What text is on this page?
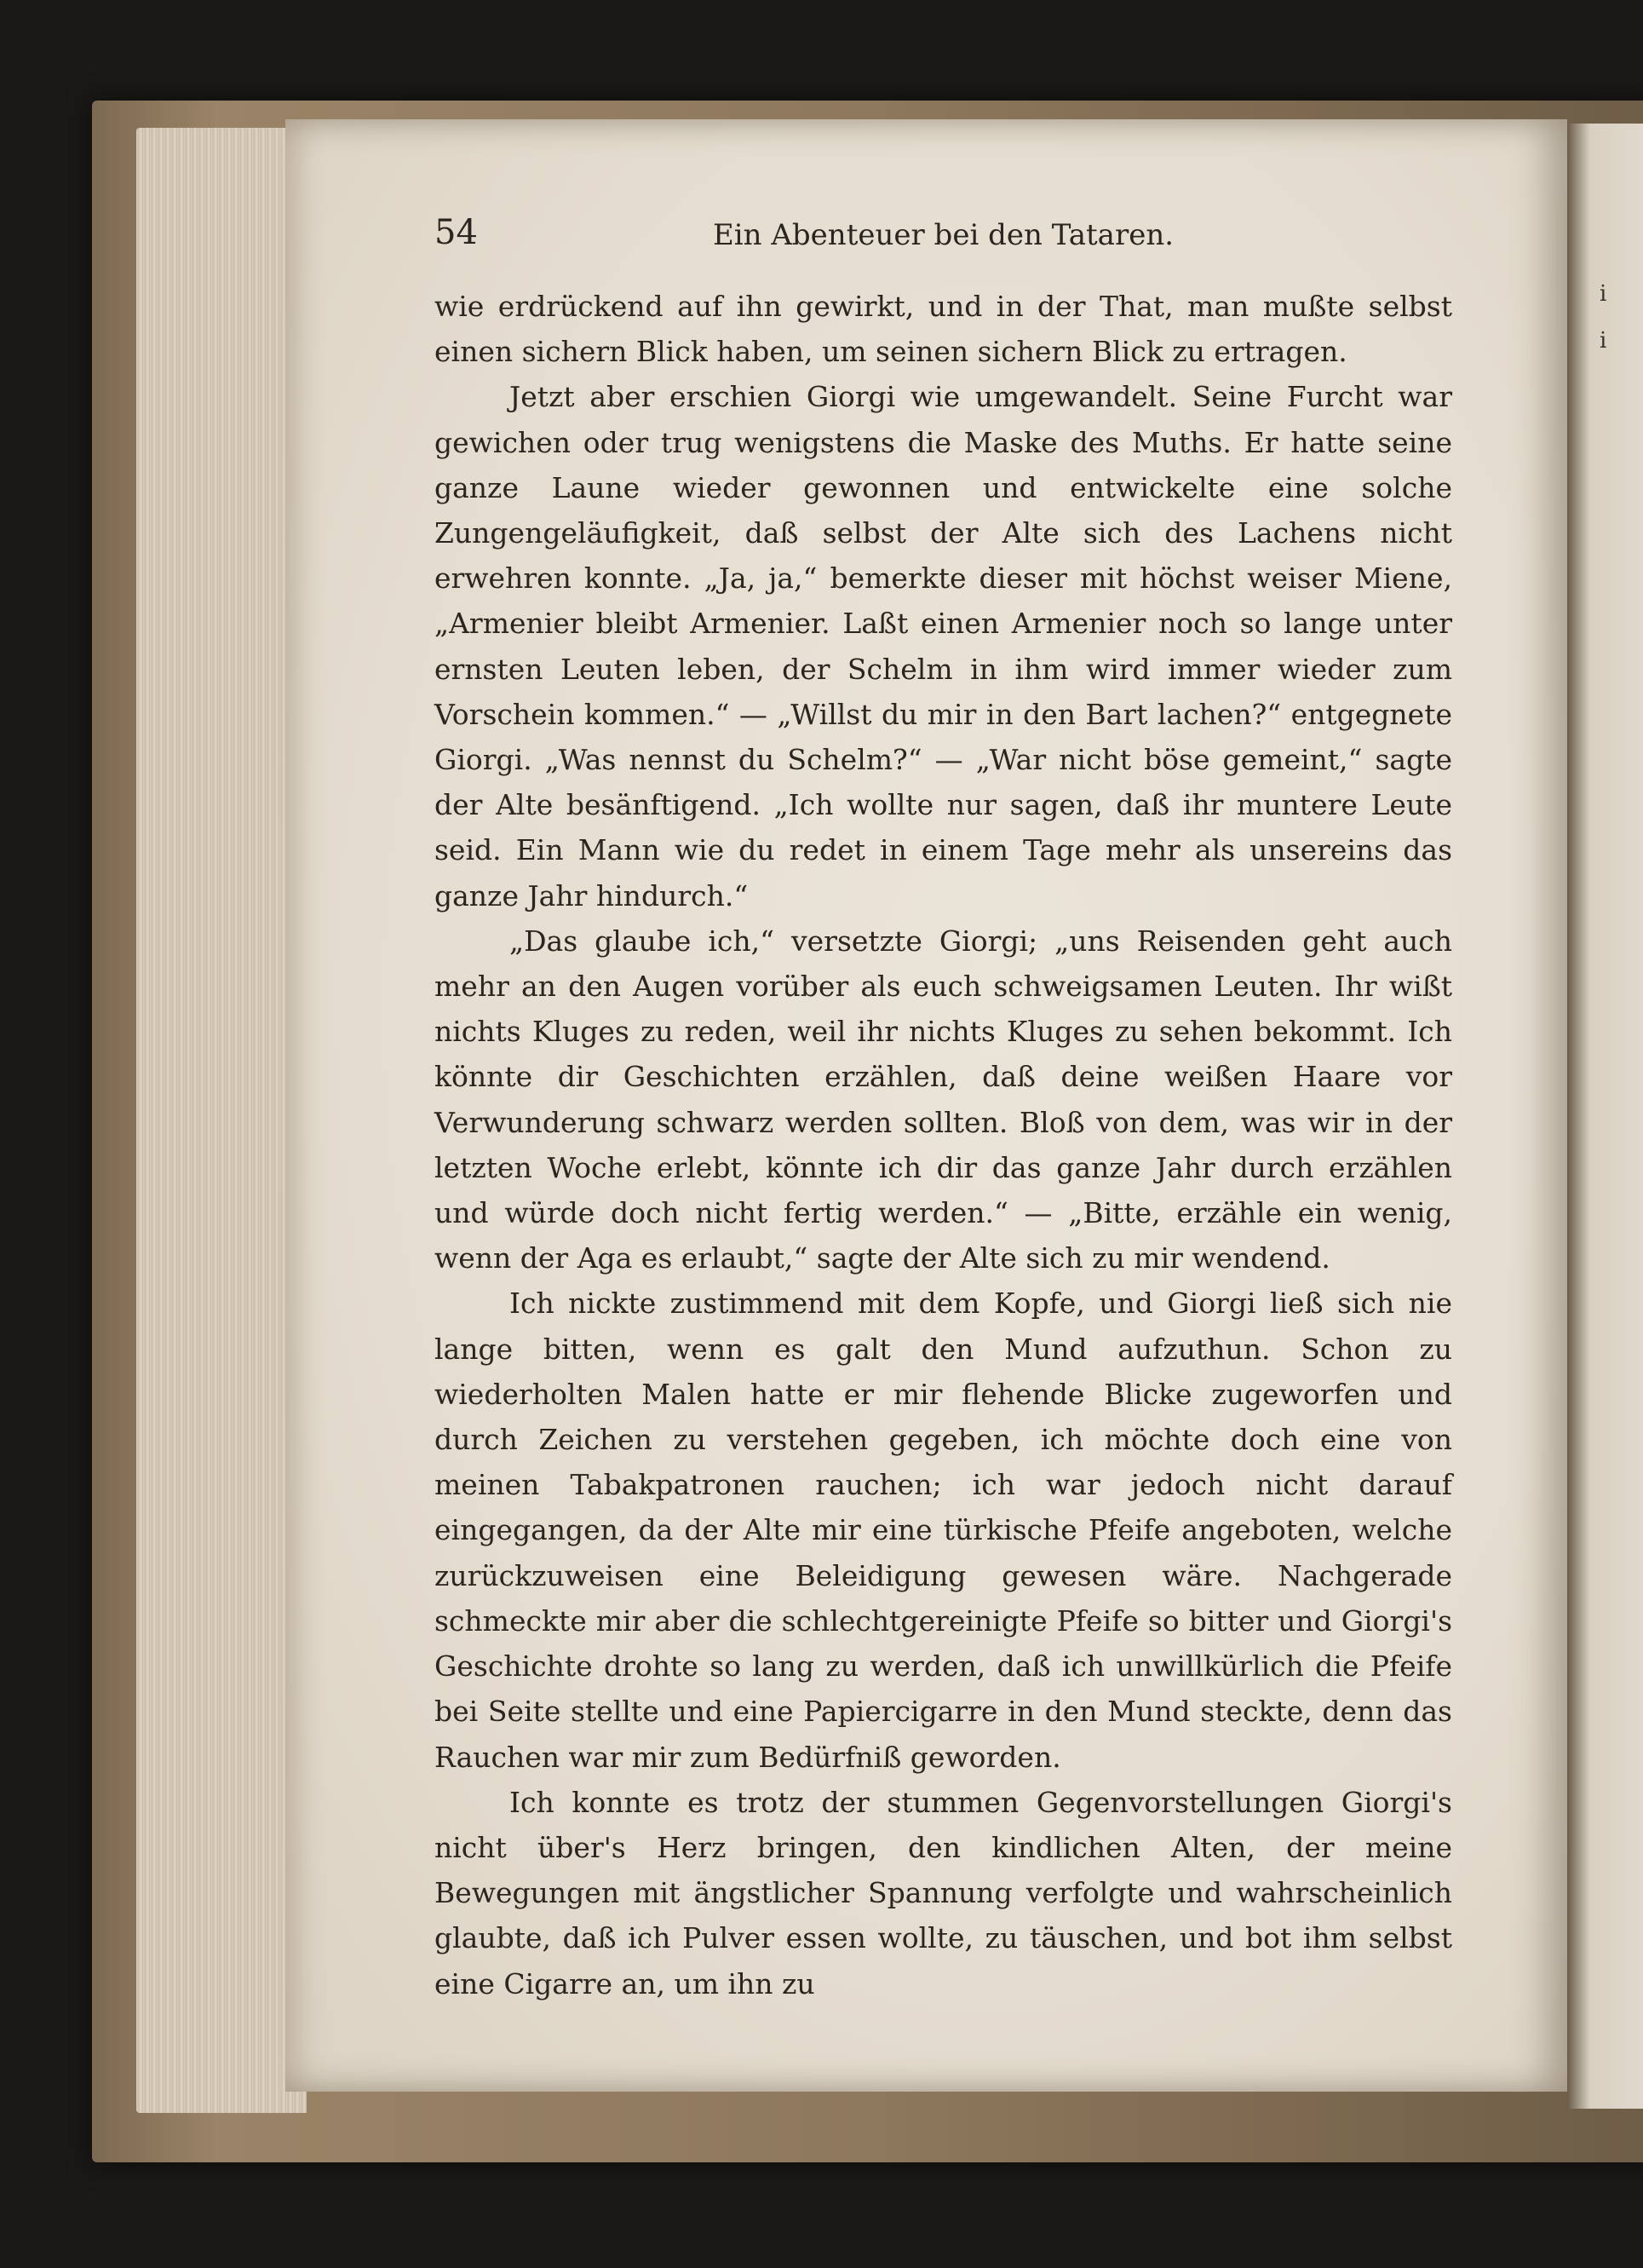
i
i
54	Ein Abenteuer bei den Tataren.

wie erdrückend auf ihn gewirkt, und in der That, man mußte selbst einen sichern Blick haben, um seinen sichern Blick zu ertragen.

Jetzt aber erschien Giorgi wie umgewandelt. Seine Furcht war gewichen oder trug wenigstens die Maske des Muths. Er hatte seine ganze Laune wieder gewonnen und entwickelte eine solche Zungengeläufigkeit, daß selbst der Alte sich des Lachens nicht erwehren konnte. „Ja, ja,“ bemerkte dieser mit höchst weiser Miene, „Armenier bleibt Armenier. Laßt einen Armenier noch so lange unter ernsten Leuten leben, der Schelm in ihm wird immer wieder zum Vorschein kommen.“ — „Willst du mir in den Bart lachen?“ entgegnete Giorgi. „Was nennst du Schelm?“ — „War nicht böse gemeint,“ sagte der Alte besänftigend. „Ich wollte nur sagen, daß ihr muntere Leute seid. Ein Mann wie du redet in einem Tage mehr als unsereins das ganze Jahr hindurch.“

„Das glaube ich,“ versetzte Giorgi; „uns Reisenden geht auch mehr an den Augen vorüber als euch schweigsamen Leuten. Ihr wißt nichts Kluges zu reden, weil ihr nichts Kluges zu sehen bekommt. Ich könnte dir Geschichten erzählen, daß deine weißen Haare vor Verwunderung schwarz werden sollten. Bloß von dem, was wir in der letzten Woche erlebt, könnte ich dir das ganze Jahr durch erzählen und würde doch nicht fertig werden.“ — „Bitte, erzähle ein wenig, wenn der Aga es erlaubt,“ sagte der Alte sich zu mir wendend.

Ich nickte zustimmend mit dem Kopfe, und Giorgi ließ sich nie lange bitten, wenn es galt den Mund aufzuthun. Schon zu wiederholten Malen hatte er mir flehende Blicke zugeworfen und durch Zeichen zu verstehen gegeben, ich möchte doch eine von meinen Tabakpatronen rauchen; ich war jedoch nicht darauf eingegangen, da der Alte mir eine türkische Pfeife angeboten, welche zurückzuweisen eine Beleidigung gewesen wäre. Nachgerade schmeckte mir aber die schlechtgereinigte Pfeife so bitter und Giorgi's Geschichte drohte so lang zu werden, daß ich unwillkürlich die Pfeife bei Seite stellte und eine Papiercigarre in den Mund steckte, denn das Rauchen war mir zum Bedürfniß geworden.

Ich konnte es trotz der stummen Gegenvorstellungen Giorgi's nicht über's Herz bringen, den kindlichen Alten, der meine Bewegungen mit ängstlicher Spannung verfolgte und wahrscheinlich glaubte, daß ich Pulver essen wollte, zu täuschen, und bot ihm selbst eine Cigarre an, um ihn zu
